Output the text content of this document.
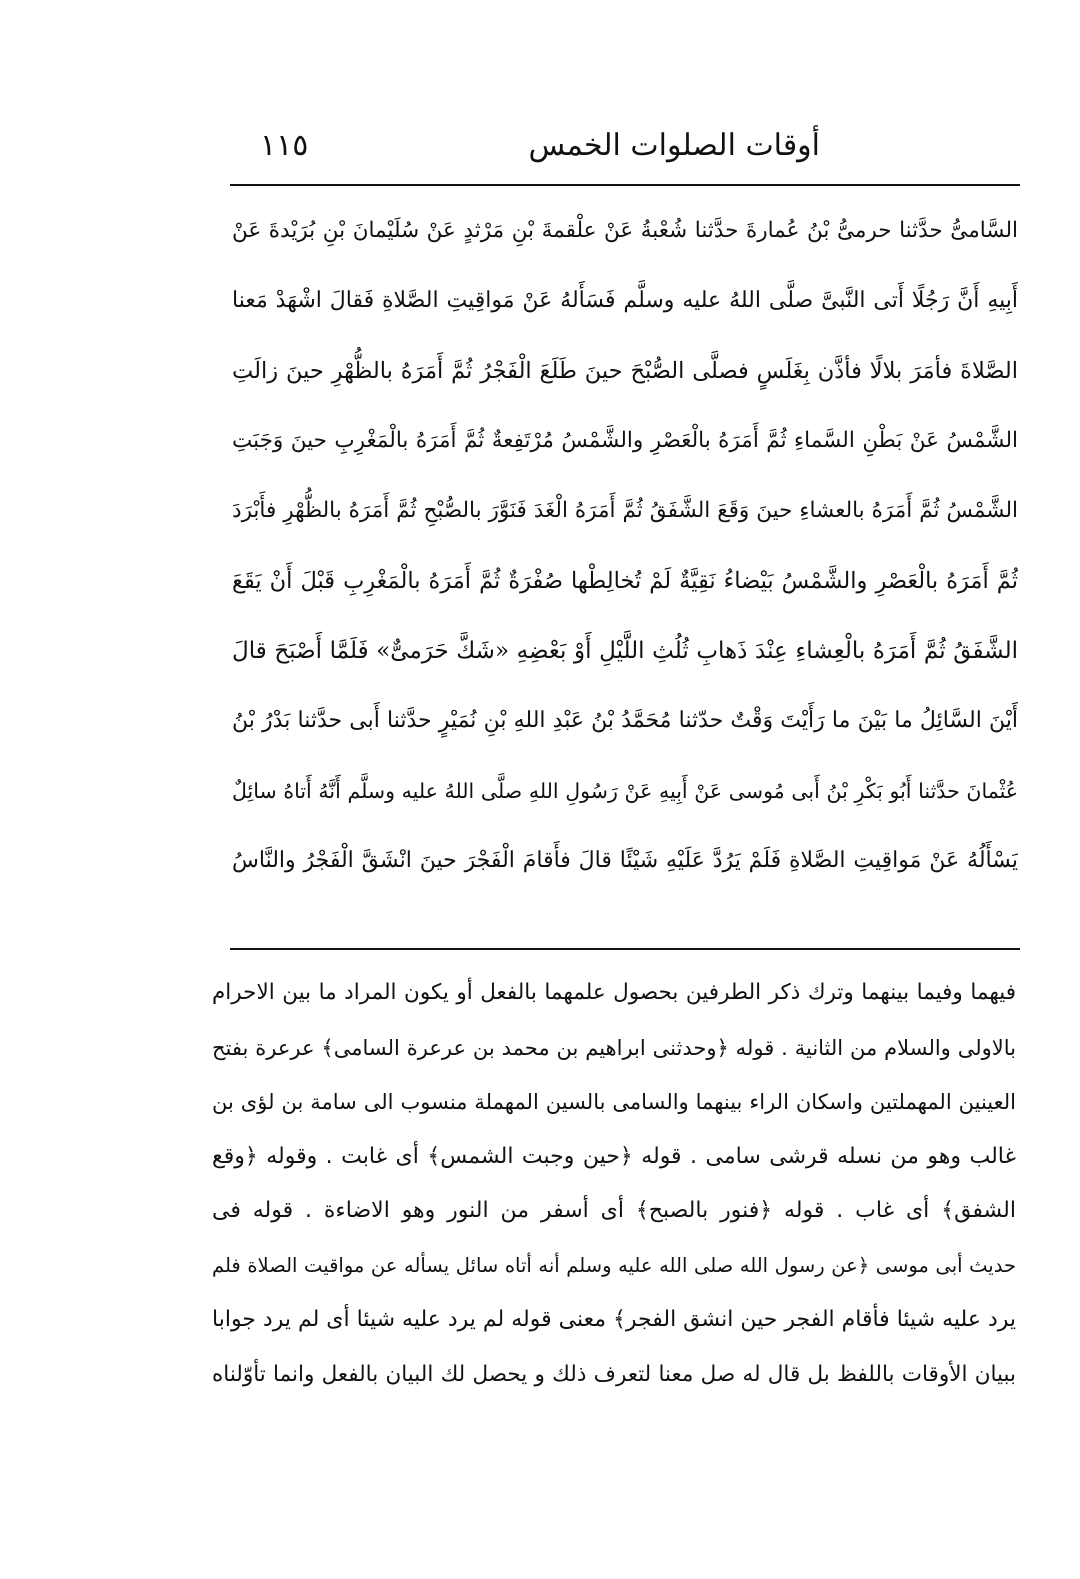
أوقات الصلوات الخمس
١١٥
السَّامىُّ حدَّثنا حرمىُّ بْنُ عُمارةَ حدَّثنا شُعْبةُ عَنْ علْقمةَ بْنِ مَرْثدٍ عَنْ سُلَيْمانَ بْنِ بُرَيْدةَ عَنْ
أَبِيهِ أَنَّ رَجُلًا أَتى النَّبىَّ صلَّى اللهُ عليه وسلَّم فَسَأَلهُ عَنْ مَواقِيتِ الصَّلاةِ فَقالَ اشْهَدْ مَعنا
الصَّلاةَ فأمَرَ بلالًا فأذَّن بِغَلَسٍ فصلَّى الصُّبْحَ حينَ طَلَعَ الْفَجْرُ ثُمَّ أَمَرَهُ بالظُّهْرِ حينَ زالَتِ
الشَّمْسُ عَنْ بَطْنِ السَّماءِ ثُمَّ أَمَرَهُ بالْعَصْرِ والشَّمْسُ مُرْتَفِعةٌ ثُمَّ أَمَرَهُ بالْمَغْرِبِ حينَ وَجَبَتِ
الشَّمْسُ ثُمَّ أَمَرَهُ بالعشاءِ حينَ وَقَعَ الشَّفَقُ ثُمَّ أَمَرَهُ الْغَدَ فَنَوَّرَ بالصُّبْحِ ثُمَّ أَمَرَهُ بالظُّهْرِ فأَبْرَدَ
ثُمَّ أَمَرَهُ بالْعَصْرِ والشَّمْسُ بَيْضاءُ نَقِيَّةٌ لَمْ تُخالِطْها صُفْرَةٌ ثُمَّ أَمَرَهُ بالْمَغْرِبِ قَبْلَ أَنْ يَقَعَ
الشَّفَقُ ثُمَّ أَمَرَهُ بالْعِشاءِ عِنْدَ ذَهابِ ثُلُثِ اللَّيْلِ أَوْ بَعْضِهِ «شَكَّ حَرَمىٌّ» فَلَمَّا أَصْبَحَ قالَ
أَيْنَ السَّائِلُ ما بَيْنَ ما رَأَيْتَ وَقْتٌ حدّثنا مُحَمَّدُ بْنُ عَبْدِ اللهِ بْنِ نُمَيْرٍ حدَّثنا أَبى حدَّثنا بَدْرُ بْنُ
عُثْمانَ حدَّثنا أَبُو بَكْرِ بْنُ أَبى مُوسى عَنْ أَبِيهِ عَنْ رَسُولِ اللهِ صلَّى اللهُ عليه وسلَّم أَنَّهُ أَتاهُ سائِلٌ
يَسْأَلُهُ عَنْ مَواقِيتِ الصَّلاةِ فَلَمْ يَرُدَّ عَلَيْهِ شَيْئًا قالَ فأَقامَ الْفَجْرَ حينَ انْشَقَّ الْفَجْرُ والنَّاسُ
فيهما وفيما بينهما وترك ذكر الطرفين بحصول علمهما بالفعل أو يكون المراد ما بين الاحرام
بالاولى والسلام من الثانية . قوله ﴿وحدثنى ابراهيم بن محمد بن عرعرة السامى﴾ عرعرة بفتح
العينين المهملتين واسكان الراء بينهما والسامى بالسين المهملة منسوب الى سامة بن لؤى بن
غالب وهو من نسله قرشى سامى . قوله ﴿حين وجبت الشمس﴾ أى غابت . وقوله ﴿وقع
الشفق﴾ أى غاب . قوله ﴿فنور بالصبح﴾ أى أسفر من النور وهو الاضاءة . قوله فى
حديث أبى موسى ﴿عن رسول الله صلى الله عليه وسلم أنه أتاه سائل يسأله عن مواقيت الصلاة فلم
يرد عليه شيئا فأقام الفجر حين انشق الفجر﴾ معنى قوله لم يرد عليه شيئا أى لم يرد جوابا
ببيان الأوقات باللفظ بل قال له صل معنا لتعرف ذلك و يحصل لك البيان بالفعل وانما تأوّلناه
